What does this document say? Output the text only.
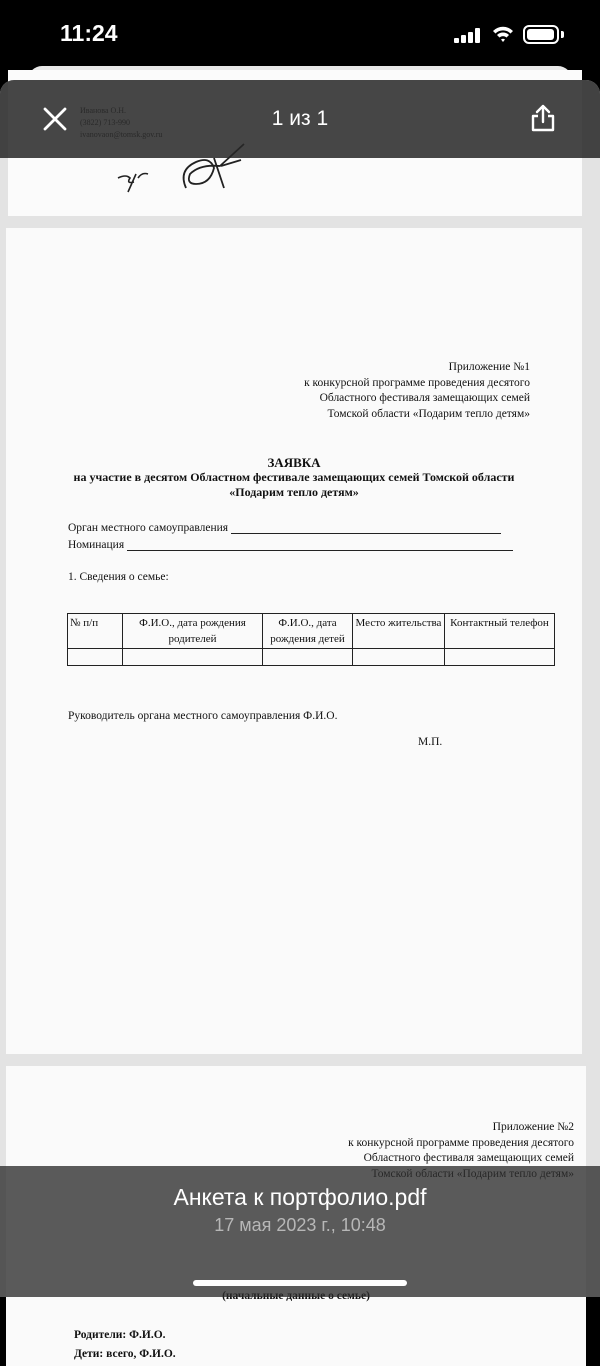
11:24
Приложение №1
к конкурсной программе проведения десятого
Областного фестиваля замещающих семей
Томской области «Подарим тепло детям»
ЗАЯВКА
на участие в десятом Областном фестивале замещающих семей Томской области
«Подарим тепло детям»
Орган местного самоуправления
Номинация
1. Сведения о семье:
№ п/п	Ф.И.О., дата рождения родителей	Ф.И.О., дата рождения детей	Место жительства	Контактный телефон

Руководитель органа местного самоуправления Ф.И.О.
М.П.
Приложение №2
к конкурсной программе проведения десятого
Областного фестиваля замещающих семей
Родители: Ф.И.О.
Дети: всего, Ф.И.О.
1 из 1
Анкета к портфолио.pdf
17 мая 2023 г., 10:48
